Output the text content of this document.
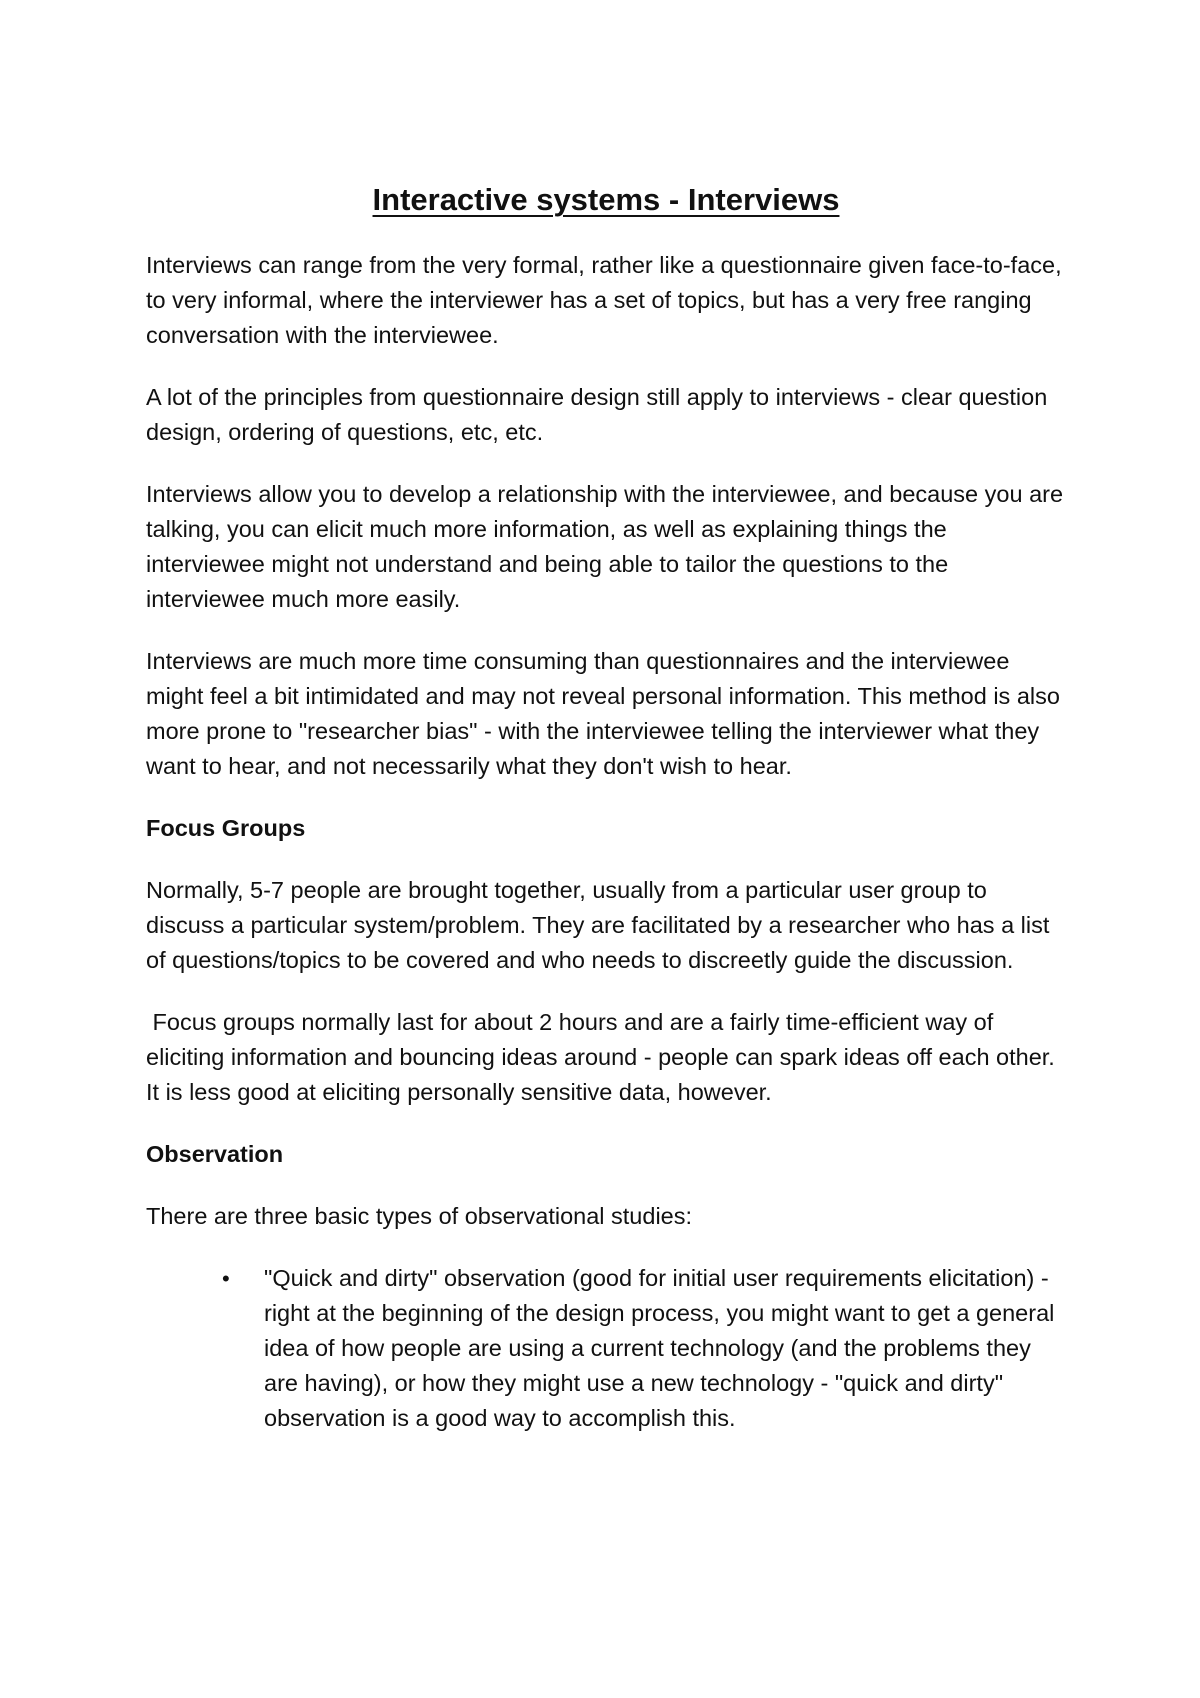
Interactive systems - Interviews

Interviews can range from the very formal, rather like a questionnaire given face-to-face, to very informal, where the interviewer has a set of topics, but has a very free ranging conversation with the interviewee.

A lot of the principles from questionnaire design still apply to interviews - clear question design, ordering of questions, etc, etc.

Interviews allow you to develop a relationship with the interviewee, and because you are talking, you can elicit much more information, as well as explaining things the interviewee might not understand and being able to tailor the questions to the interviewee much more easily.

Interviews are much more time consuming than questionnaires and the interviewee might feel a bit intimidated and may not reveal personal information. This method is also more prone to "researcher bias" - with the interviewee telling the interviewer what they want to hear, and not necessarily what they don't wish to hear.

Focus Groups

Normally, 5-7 people are brought together, usually from a particular user group to discuss a particular system/problem. They are facilitated by a researcher who has a list of questions/topics to be covered and who needs to discreetly guide the discussion.

Focus groups normally last for about 2 hours and are a fairly time-efficient way of eliciting information and bouncing ideas around - people can spark ideas off each other. It is less good at eliciting personally sensitive data, however.

Observation

There are three basic types of observational studies:

• "Quick and dirty" observation (good for initial user requirements elicitation) - right at the beginning of the design process, you might want to get a general idea of how people are using a current technology (and the problems they are having), or how they might use a new technology - "quick and dirty" observation is a good way to accomplish this.
